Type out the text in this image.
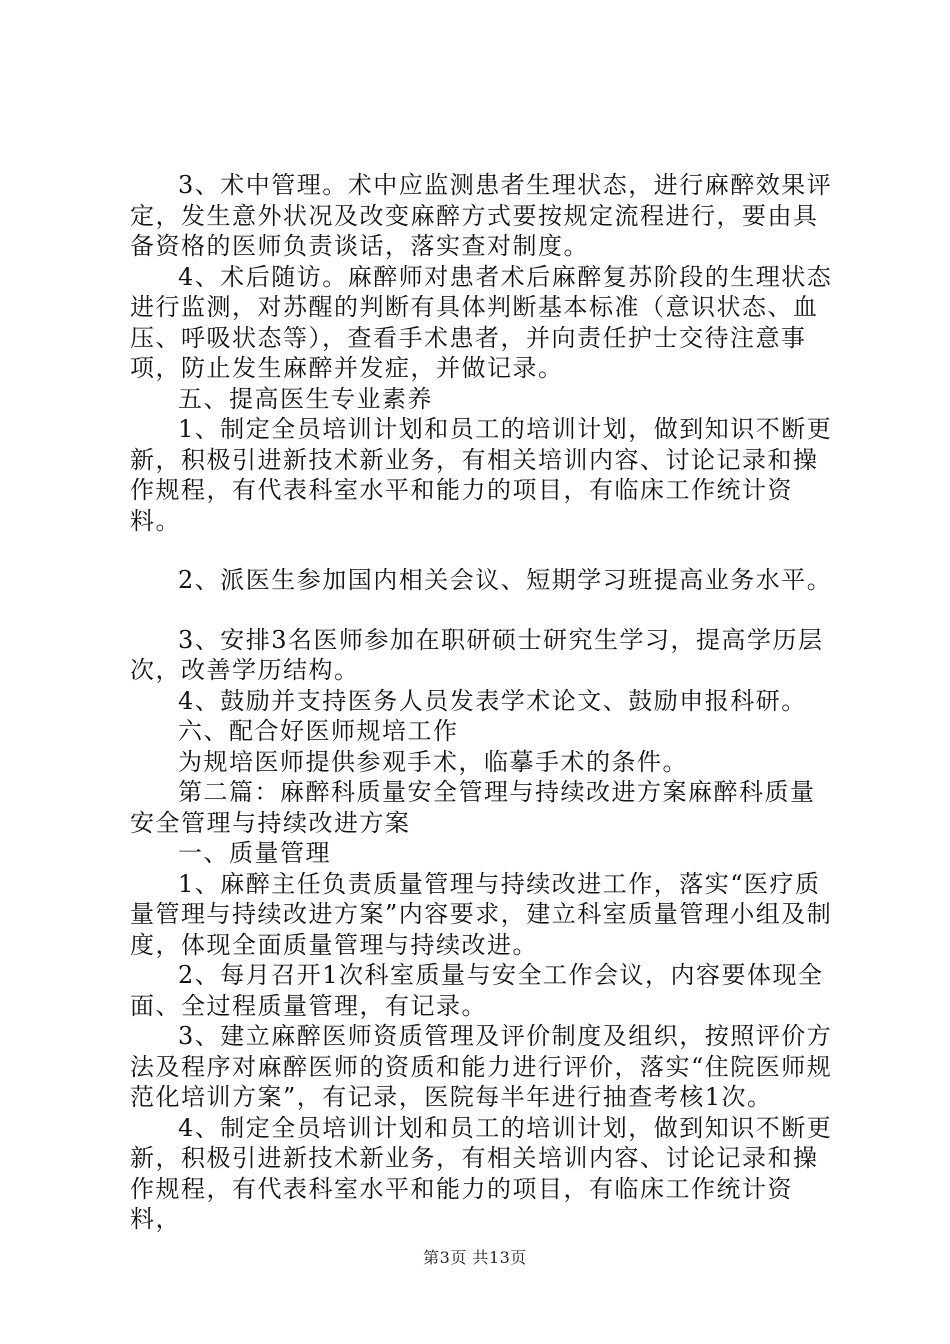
3、术中管理。术中应监测患者生理状态，进行麻醉效果评定，发生意外状况及改变麻醉方式要按规定流程进行，要由具备资格的医师负责谈话，落实查对制度。

4、术后随访。麻醉师对患者术后麻醉复苏阶段的生理状态进行监测，对苏醒的判断有具体判断基本标准（意识状态、血压、呼吸状态等），查看手术患者，并向责任护士交待注意事项，防止发生麻醉并发症，并做记录。

五、提高医生专业素养

1、制定全员培训计划和员工的培训计划，做到知识不断更新，积极引进新技术新业务，有相关培训内容、讨论记录和操作规程，有代表科室水平和能力的项目，有临床工作统计资料。

2、派医生参加国内相关会议、短期学习班提高业务水平。

3、安排3名医师参加在职研硕士研究生学习，提高学历层次，改善学历结构。

4、鼓励并支持医务人员发表学术论文、鼓励申报科研。

六、配合好医师规培工作

为规培医师提供参观手术，临摹手术的条件。

第二篇：麻醉科质量安全管理与持续改进方案麻醉科质量安全管理与持续改进方案

一、质量管理

1、麻醉主任负责质量管理与持续改进工作，落实“医疗质量管理与持续改进方案”内容要求，建立科室质量管理小组及制度，体现全面质量管理与持续改进。

2、每月召开1次科室质量与安全工作会议，内容要体现全面、全过程质量管理，有记录。

3、建立麻醉医师资质管理及评价制度及组织，按照评价方法及程序对麻醉医师的资质和能力进行评价，落实“住院医师规范化培训方案”，有记录，医院每半年进行抽查考核1次。

4、制定全员培训计划和员工的培训计划，做到知识不断更新，积极引进新技术新业务，有相关培训内容、讨论记录和操作规程，有代表科室水平和能力的项目，有临床工作统计资料，

第3页 共13页
